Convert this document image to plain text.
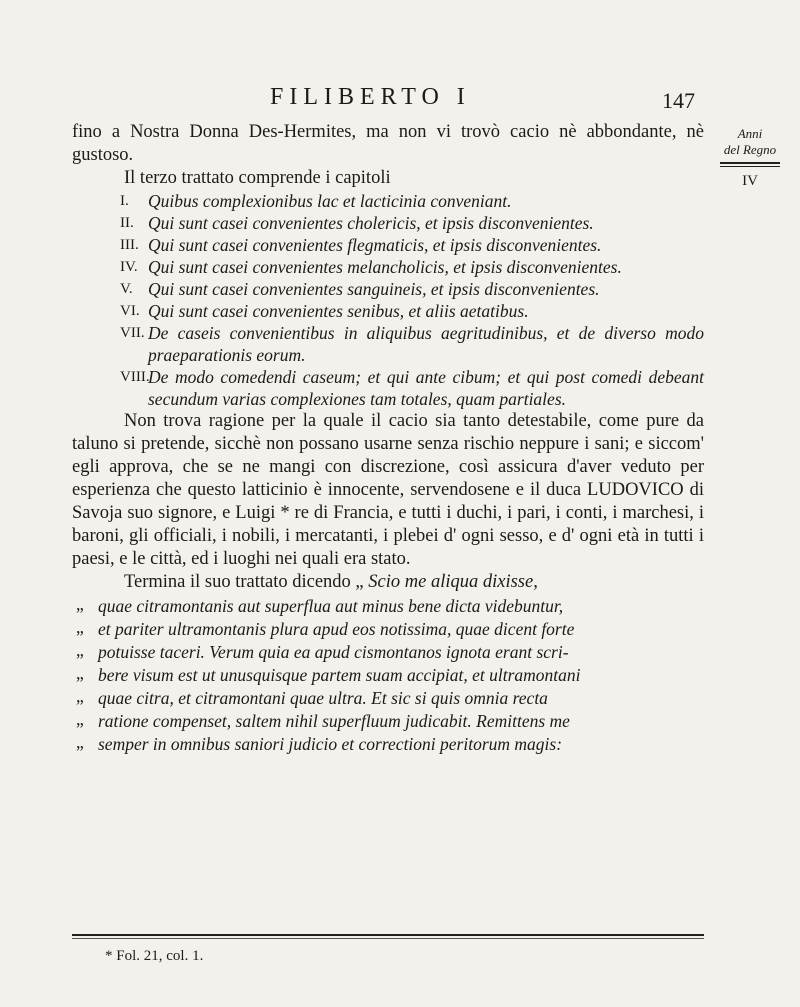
FILIBERTO I	147
Anni
del Regno
IV

fino a Nostra Donna Des-Hermites, ma non vi trovò cacio nè abbondante, nè gustoso.

Il terzo trattato comprende i capitoli

I.	Quibus complexionibus lac et lacticinia conveniant.
II. Qui sunt casei convenientes cholericis, et ipsis disconvenientes.
III. Qui sunt casei convenientes flegmaticis, et ipsis disconvenientes.
IV. Qui sunt casei convenientes melancholicis, et ipsis disconvenientes.
V. Qui sunt casei convenientes sanguineis, et ipsis disconvenientes.
VI. Qui sunt casei convenientes senibus, et aliis aetatibus.
VII. De caseis convenientibus in aliquibus aegritudinibus, et de diverso modo praeparationis eorum.
VIII.
De modo comedendi caseum; et qui ante cibum; et qui post comedi debeant secundum varias complexiones tam totales, quam partiales.

Non trova ragione per la quale il cacio sia tanto detestabile, come pure da taluno si pretende, sicchè non possano usarne senza rischio neppure i sani; e siccom' egli approva, che se ne mangi con discrezione, così assicura d'aver veduto per esperienza che questo latticinio è innocente, servendosene e il duca LUDOVICO di Savoja suo signore, e Luigi * re di Francia, e tutti i duchi, i pari, i conti, i marchesi, i baroni, gli officiali, i nobili, i mercatanti, i plebei d' ogni sesso, e d' ogni età in tutti i paesi, e le città, ed i luoghi nei quali era stato.

Termina il suo trattato dicendo „ Scio me aliqua dixisse,

„ quae citramontanis aut superflua aut minus bene dicta videbuntur,
„ et pariter ultramontanis plura apud eos notissima, quae dicent forte
„ potuisse taceri. Verum quia ea apud cismontanos ignota erant scri-
„ bere visum est ut unusquisque partem suam accipiat, et ultramontani
„ quae citra, et citramontani quae ultra. Et sic si quis omnia recta
„ ratione compenset, saltem nihil superfluum judicabit. Remittens me
„ semper in omnibus saniori judicio et correctioni peritorum magis:
* Fol. 21, col. 1.
